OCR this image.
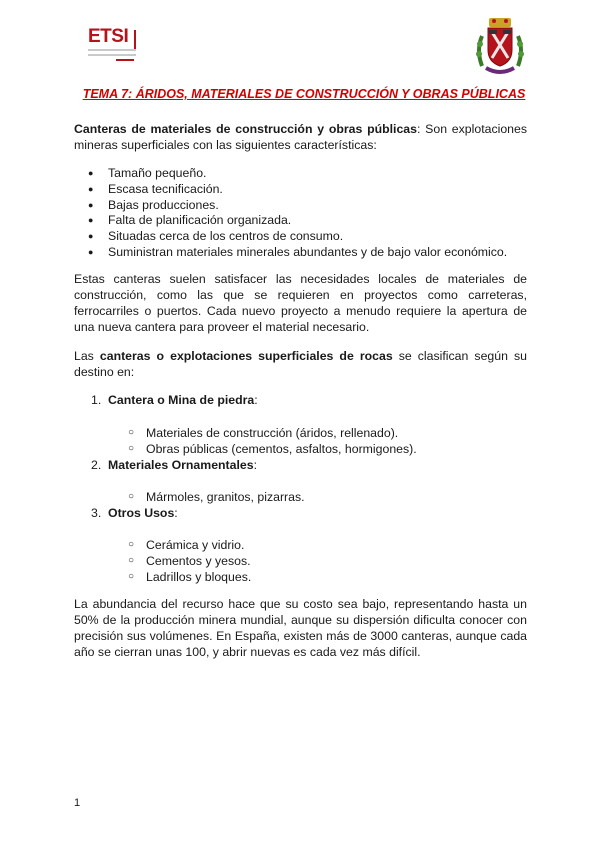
ETSI
TEMA 7: ÁRIDOS, MATERIALES DE CONSTRUCCIÓN Y OBRAS PÚBLICAS
Canteras de materiales de construcción y obras públicas: Son explotaciones mineras superficiales con las siguientes características:
● Tamaño pequeño.
● Escasa tecnificación.
● Bajas producciones.
● Falta de planificación organizada.
● Situadas cerca de los centros de consumo.
● Suministran materiales minerales abundantes y de bajo valor económico.
Estas canteras suelen satisfacer las necesidades locales de materiales de construcción, como las que se requieren en proyectos como carreteras, ferrocarriles o puertos. Cada nuevo proyecto a menudo requiere la apertura de una nueva cantera para proveer el material necesario.
Las canteras o explotaciones superficiales de rocas se clasifican según su destino en:
1. Cantera o Mina de piedra:
○ Materiales de construcción (áridos, rellenado).
○ Obras públicas (cementos, asfaltos, hormigones).
2. Materiales Ornamentales:
○ Mármoles, granitos, pizarras.
3. Otros Usos:
○ Cerámica y vidrio.
○ Cementos y yesos.
○ Ladrillos y bloques.
La abundancia del recurso hace que su costo sea bajo, representando hasta un 50% de la producción minera mundial, aunque su dispersión dificulta conocer con precisión sus volúmenes. En España, existen más de 3000 canteras, aunque cada año se cierran unas 100, y abrir nuevas es cada vez más difícil.
1
